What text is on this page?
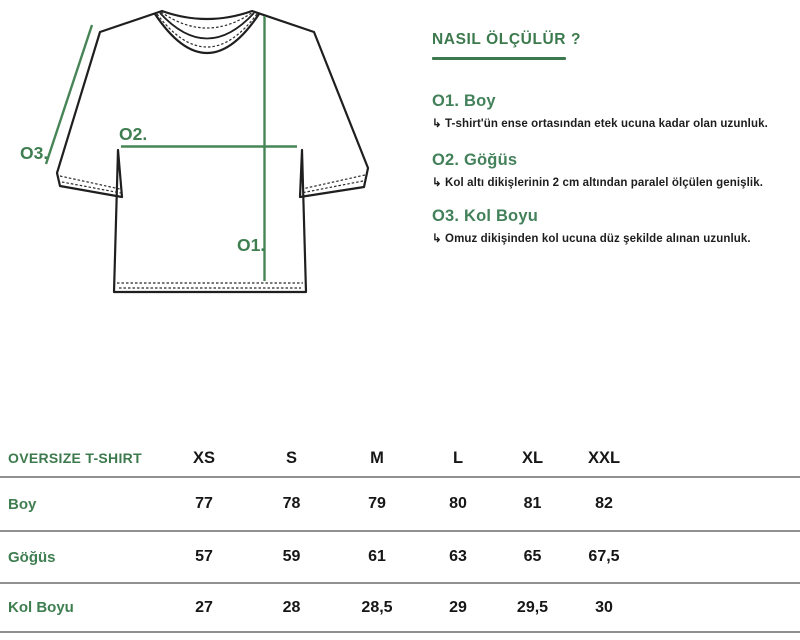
O1.
O2.
O3.
NASIL ÖLÇÜLÜR ?
O1. Boy

↳ T-shirt'ün ense ortasından etek ucuna kadar olan uzunluk.

O2. Göğüs

↳ Kol altı dikişlerinin 2 cm altından paralel ölçülen genişlik.

O3. Kol Boyu

↳ Omuz dikişinden kol ucuna düz şekilde alınan uzunluk.

OVERSIZE T-SHIRT	XS	S	M	L	XL	XXL
Boy	77	78	79	80	81	82
Göğüs	57	59	61	63	65	67,5
Kol Boyu	27	28	28,5	29	29,5	30
